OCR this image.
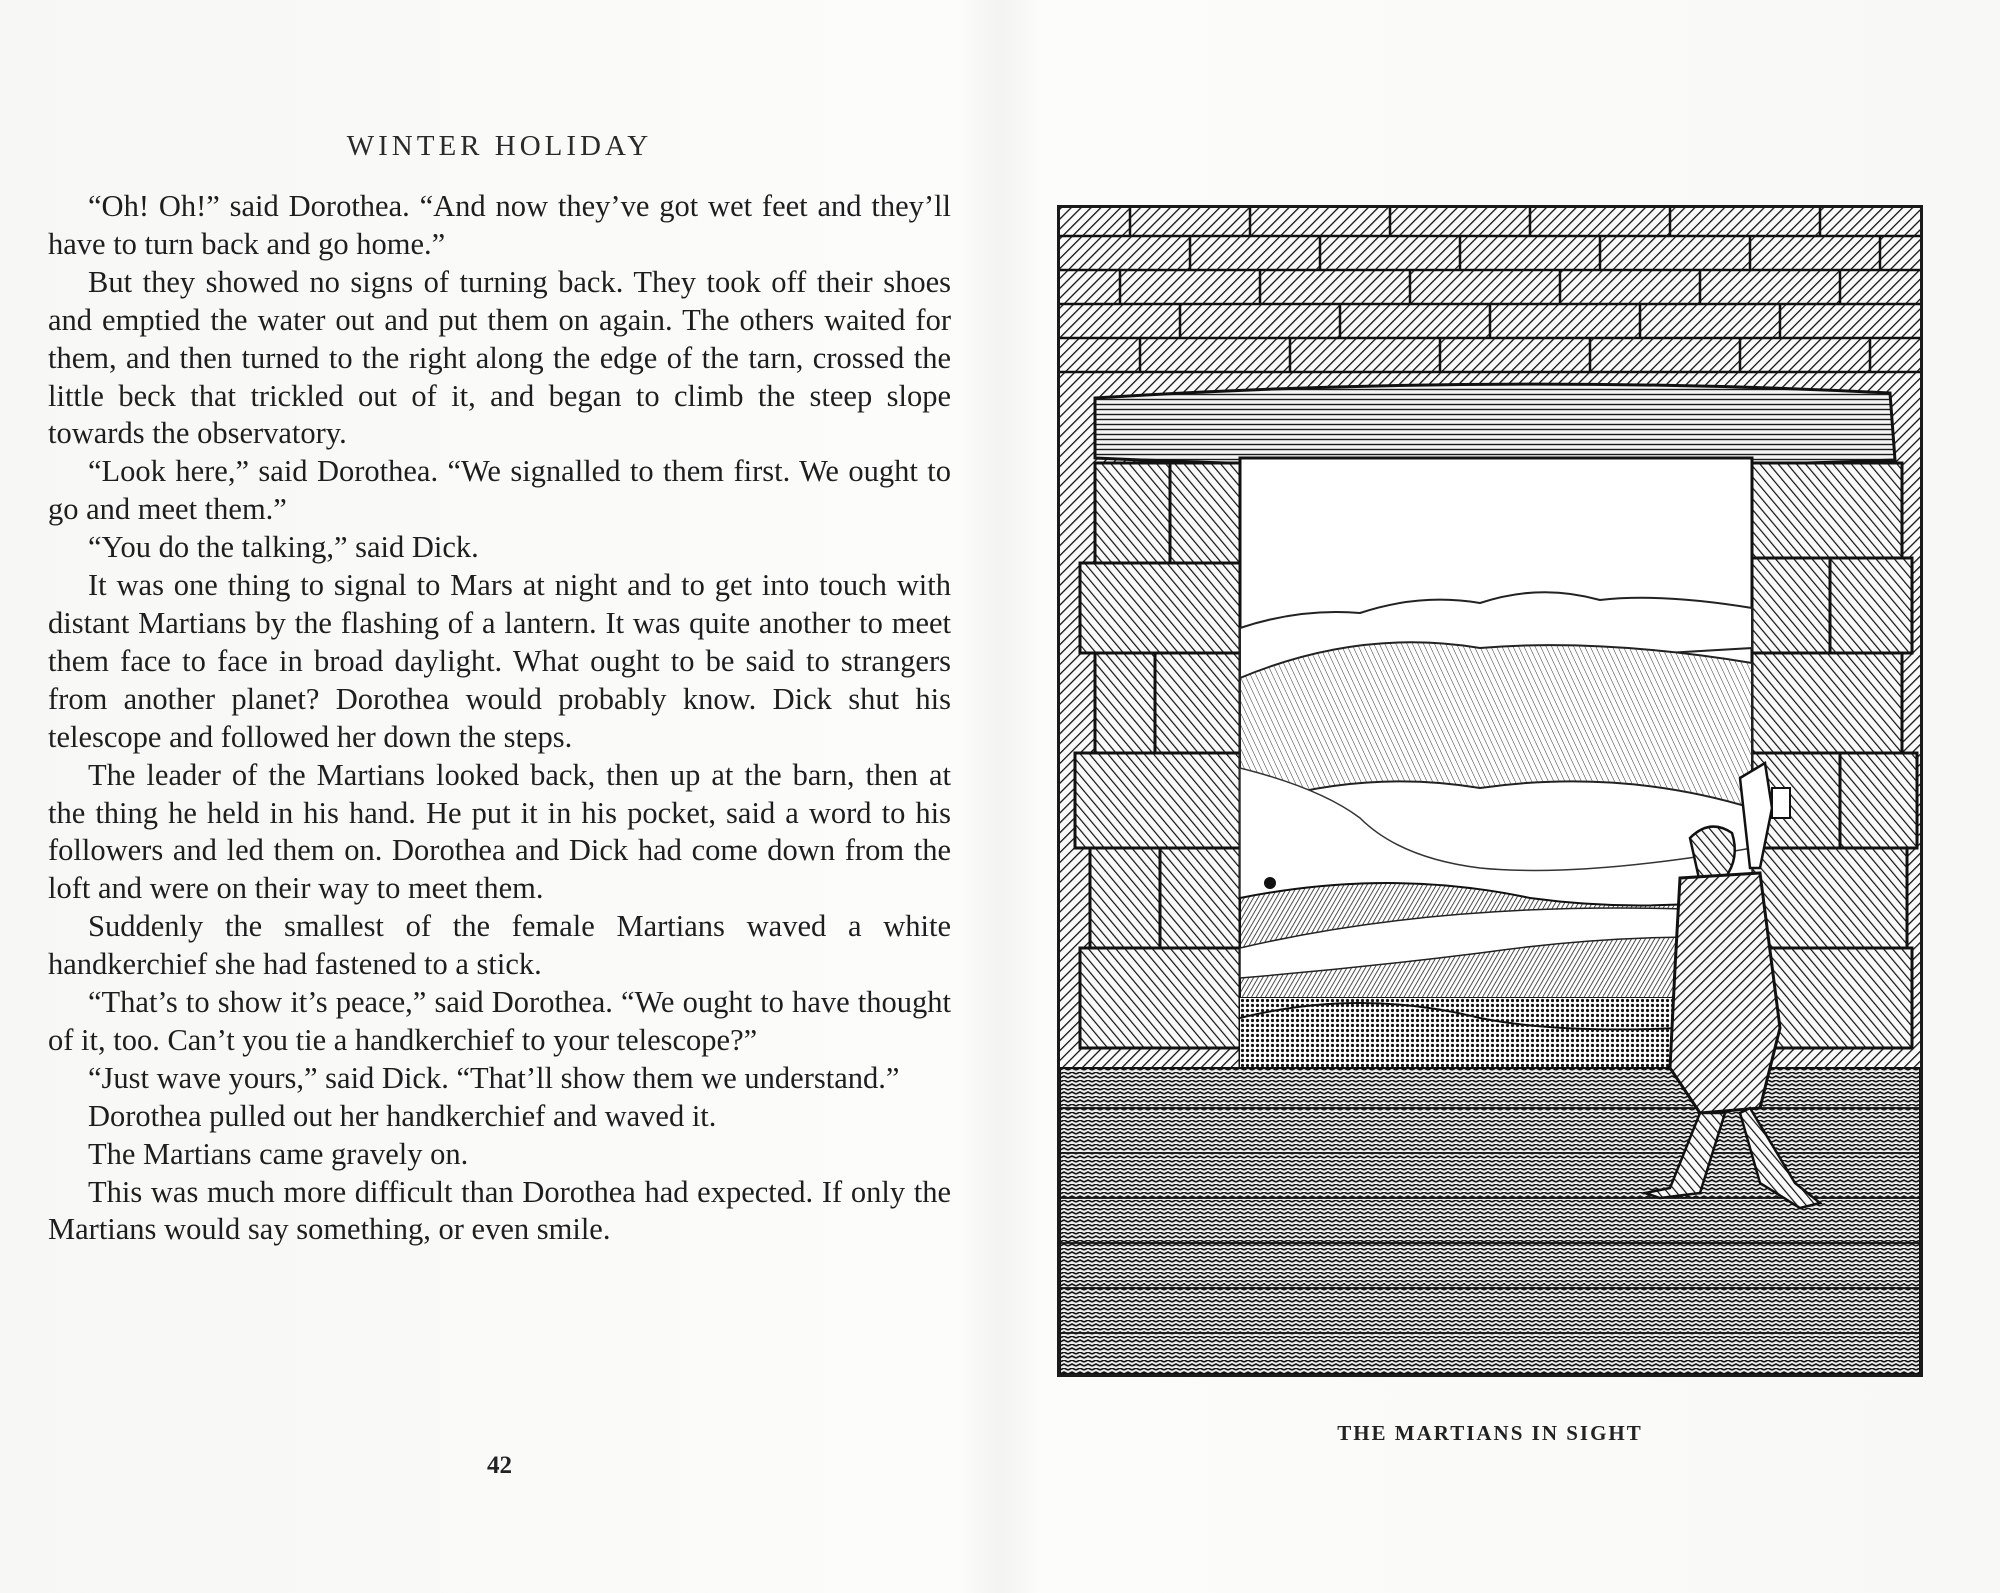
WINTER HOLIDAY

“Oh! Oh!” said Dorothea. “And now they’ve got wet feet and they’ll have to turn back and go home.”

But they showed no signs of turning back. They took off their shoes and emptied the water out and put them on again. The others waited for them, and then turned to the right along the edge of the tarn, crossed the little beck that trickled out of it, and began to climb the steep slope towards the observatory.

“Look here,” said Dorothea. “We signalled to them first. We ought to go and meet them.”

“You do the talking,” said Dick.

It was one thing to signal to Mars at night and to get into touch with distant Martians by the flashing of a lantern. It was quite another to meet them face to face in broad daylight. What ought to be said to strangers from another planet? Dorothea would probably know. Dick shut his telescope and followed her down the steps.

The leader of the Martians looked back, then up at the barn, then at the thing he held in his hand. He put it in his pocket, said a word to his followers and led them on. Dorothea and Dick had come down from the loft and were on their way to meet them.

Suddenly the smallest of the female Martians waved a white handkerchief she had fastened to a stick.

“That’s to show it’s peace,” said Dorothea. “We ought to have thought of it, too. Can’t you tie a handkerchief to your telescope?”

“Just wave yours,” said Dick. “That’ll show them we understand.”

Dorothea pulled out her handkerchief and waved it.

The Martians came gravely on.

This was much more difficult than Dorothea had expected. If only the Martians would say something, or even smile.

42
THE MARTIANS IN SIGHT
